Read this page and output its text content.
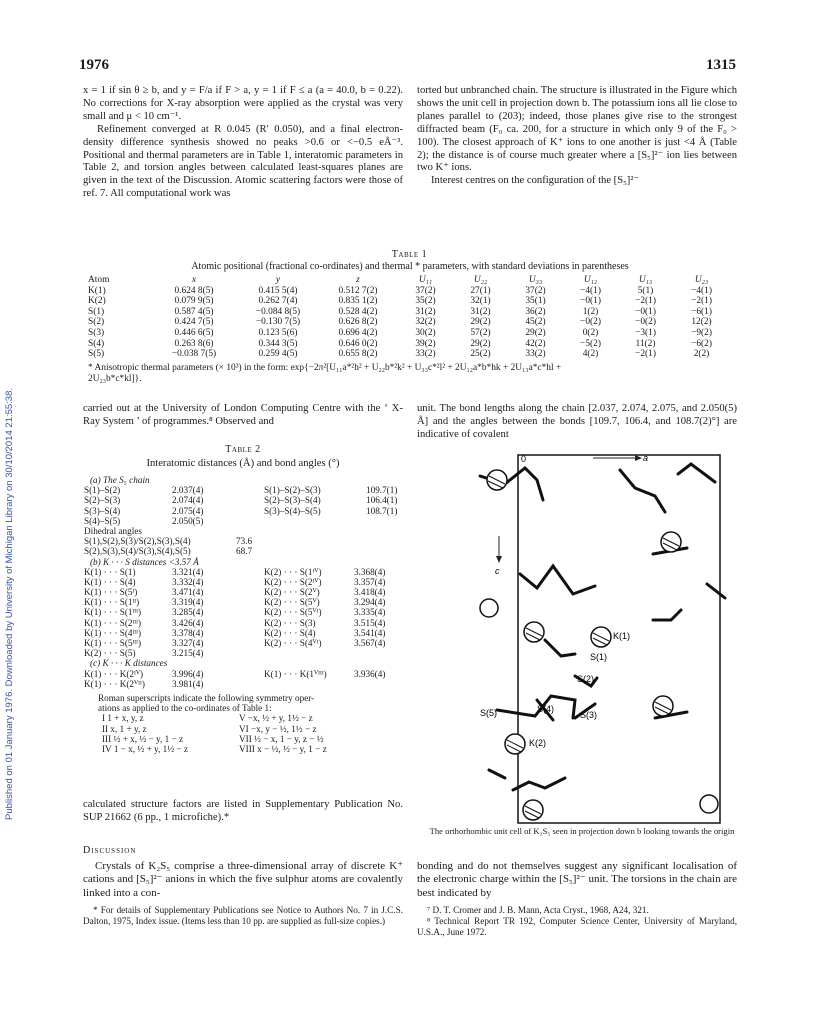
1976	1315
Published on 01 January 1976. Downloaded by University of Michigan Library on 30/10/2014 21:55:38.
x = 1 if sin θ ≥ b, and y = F/a if F > a, y = 1 if F ≤ a (a = 40.0, b = 0.22). No corrections for X-ray absorption were applied as the crystal was very small and μ < 10 cm⁻¹.
Refinement converged at R 0.045 (R′ 0.050), and a final electron-density difference synthesis showed no peaks >0.6 or <−0.5 eÅ⁻³. Positional and thermal parameters are in Table 1, interatomic parameters in Table 2, and torsion angles between calculated least-squares planes are given in the text of the Discussion. Atomic scattering factors were those of ref. 7. All computational work was
torted but unbranched chain. The structure is illustrated in the Figure which shows the unit cell in projection down b. The potassium ions all lie close to planes parallel to (203); indeed, those planes give rise to the strongest diffracted beam (F₀ ca. 200, for a structure in which only 9 of the F₀ > 100). The closest approach of K⁺ ions to one another is just <4 Å (Table 2); the distance is of course much greater where a [S₅]²⁻ ion lies between two K⁺ ions.
Interest centres on the configuration of the [S₅]²⁻
Table 1
Atomic positional (fractional co-ordinates) and thermal * parameters, with standard deviations in parentheses
Atom	x	y	z	U₁₁	U₂₂	U₃₃	U₁₂	U₁₃	U₂₃
K(1)	0.624 8(5)	0.415 5(4)	0.512 7(2)	37(2)	27(1)	37(2)	−4(1)	5(1)	−4(1)
K(2)	0.079 9(5)	0.262 7(4)	0.835 1(2)	35(2)	32(1)	35(1)	−0(1)	−2(1)	−2(1)
S(1)	0.587 4(5)	−0.084 8(5)	0.528 4(2)	31(2)	31(2)	36(2)	1(2)	−0(1)	−6(1)
S(2)	0.424 7(5)	−0.130 7(5)	0.626 8(2)	32(2)	29(2)	45(2)	−0(2)	−0(2)	12(2)
S(3)	0.446 6(5)	0.123 5(6)	0.696 4(2)	30(2)	57(2)	29(2)	0(2)	−3(1)	−9(2)
S(4)	0.263 8(6)	0.344 3(5)	0.646 0(2)	39(2)	29(2)	42(2)	−5(2)	11(2)	−6(2)
S(5)	−0.038 7(5)	0.259 4(5)	0.655 8(2)	33(2)	25(2)	33(2)	4(2)	−2(1)	2(2)
* Anisotropic thermal parameters (× 10³) in the form: exp{−2π²[U₁₁a*²h² + U₂₂b*²k² + U₃₃c*²l² + 2U₁₂a*b*hk + 2U₁₃a*c*hl +
2U₂₃b*c*kl]}.
carried out at the University of London Computing Centre with the ‘ X-Ray System ’ of programmes.⁸ Observed and
unit. The bond lengths along the chain [2.037, 2.074, 2.075, and 2.050(5) Å] and the angles between the bonds [109.7, 106.4, and 108.7(2)°] are indicative of covalent
Table 2
Interatomic distances (Å) and bond angles (°)
(a) The S₅ chain
S(1)–S(2)	2.037(4)	S(1)–S(2)–S(3)	109.7(1)
S(2)–S(3)	2.074(4)	S(2)–S(3)–S(4)	106.4(1)
S(3)–S(4)	2.075(4)	S(3)–S(4)–S(5)	108.7(1)
S(4)–S(5)	2.050(5)
Dihedral angles
S(1),S(2),S(3)/S(2),S(3),S(4)	73.6
S(2),S(3),S(4)/S(3),S(4),S(5)	68.7
(b) K · · · S distances <3.57 Å
K(1) · · · S(1)	3.321(4)	K(2) · · · S(1ᴵⱽ)	3.368(4)
K(1) · · · S(4)	3.332(4)	K(2) · · · S(2ᴵⱽ)	3.357(4)
K(1) · · · S(5ᴵ)	3.471(4)	K(2) · · · S(2ⱽ)	3.418(4)
K(1) · · · S(1ᴵᴵ)	3.319(4)	K(2) · · · S(5ⱽ)	3.294(4)
K(1) · · · S(1ᴵᴵᴵ)	3.285(4)	K(2) · · · S(5ⱽᴵ)	3.335(4)
K(1) · · · S(2ᴵᴵᴵ)	3.426(4)	K(2) · · · S(3)	3.515(4)
K(1) · · · S(4ᴵᴵᴵ)	3.378(4)	K(2) · · · S(4)	3.541(4)
K(1) · · · S(5ᴵᴵᴵ)	3.327(4)	K(2) · · · S(4ⱽᴵ)	3.567(4)
K(2) · · · S(5)	3.215(4)
(c) K · · · K distances
K(1) · · · K(2ᴵⱽ)	3.996(4)	K(1) · · · K(1ⱽᴵᴵᴵ)	3.936(4)
K(1) · · · K(2ⱽᴵᴵ)	3.981(4)
Roman superscripts indicate the following symmetry oper-
ations as applied to the co-ordinates of Table 1:
I 1 + x, y, z	V −x, ½ + y, 1½ − z
II x, 1 + y, z	VI −x, y − ½, 1½ − z
III ½ + x, ½ − y, 1 − z	VII ½ − x, 1 − y, z − ½
IV 1 − x, ½ + y, 1½ − z	VIII x − ½, ½ − y, 1 − z
calculated structure factors are listed in Supplementary Publication No. SUP 21662 (6 pp., 1 microfiche).*
Discussion
Crystals of K₂S₅ comprise a three-dimensional array of discrete K⁺ cations and [S₅]²⁻ anions in which the five sulphur atoms are covalently linked into a con-
* For details of Supplementary Publications see Notice to Authors No. 7 in J.C.S. Dalton, 1975, Index issue. (Items less than 10 pp. are supplied as full-size copies.)
0	a
c
K(1)
S(1)
S(2)
S(3)
S(4)
S(5)
K(2)
The orthorhombic unit cell of K₂S₅ seen in projection down b looking towards the origin
bonding and do not themselves suggest any significant localisation of the electronic charge within the [S₅]²⁻ unit. The torsions in the chain are best indicated by
⁷ D. T. Cromer and J. B. Mann, Acta Cryst., 1968, A24, 321.
⁸ Technical Report TR 192, Computer Science Center, University of Maryland, U.S.A., June 1972.
